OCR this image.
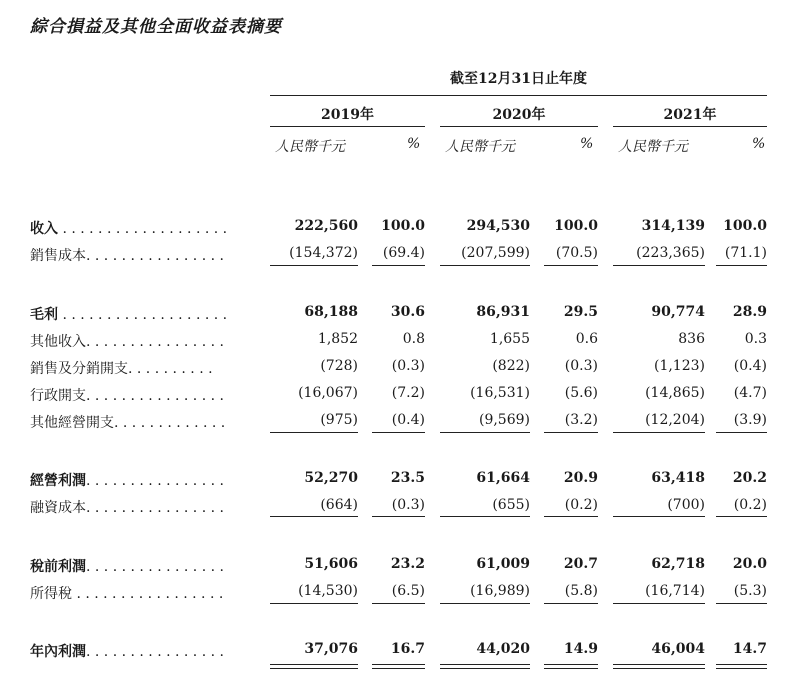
綜合損益及其他全面收益表摘要
截至12月31日止年度
2019年	2020年	2021年
人民幣千元	% 人民幣千元	% 人民幣千元	%
收入 . . . . . . . . . . . . . . . . . . .	222,560 100.0	294,530 100.0	314,139 100.0
銷售成本. . . . . . . . . . . . . . . .	(154,372) (69.4)	(207,599) (70.5)	(223,365) (71.1)
毛利 . . . . . . . . . . . . . . . . . . .	68,188 30.6	86,931 29.5	90,774 28.9
其他收入. . . . . . . . . . . . . . . .	1,852	0.8	1,655	0.6	836	0.3
銷售及分銷開支. . . . . . . . . .	(728) (0.3)	(822) (0.3)	(1,123) (0.4)
行政開支. . . . . . . . . . . . . . . .	(16,067) (7.2)	(16,531) (5.6)	(14,865) (4.7)
其他經營開支. . . . . . . . . . . . .	(975) (0.4)	(9,569) (3.2)	(12,204) (3.9)
經營利潤. . . . . . . . . . . . . . . .	52,270 23.5	61,664 20.9	63,418 20.2
融資成本. . . . . . . . . . . . . . . .	(664) (0.3)	(655) (0.2)	(700) (0.2)
稅前利潤. . . . . . . . . . . . . . . .	51,606 23.2	61,009 20.7	62,718 20.0
所得稅 . . . . . . . . . . . . . . . . .	(14,530) (6.5)	(16,989) (5.8)	(16,714) (5.3)
年內利潤. . . . . . . . . . . . . . . .	37,076 16.7	44,020 14.9	46,004 14.7
